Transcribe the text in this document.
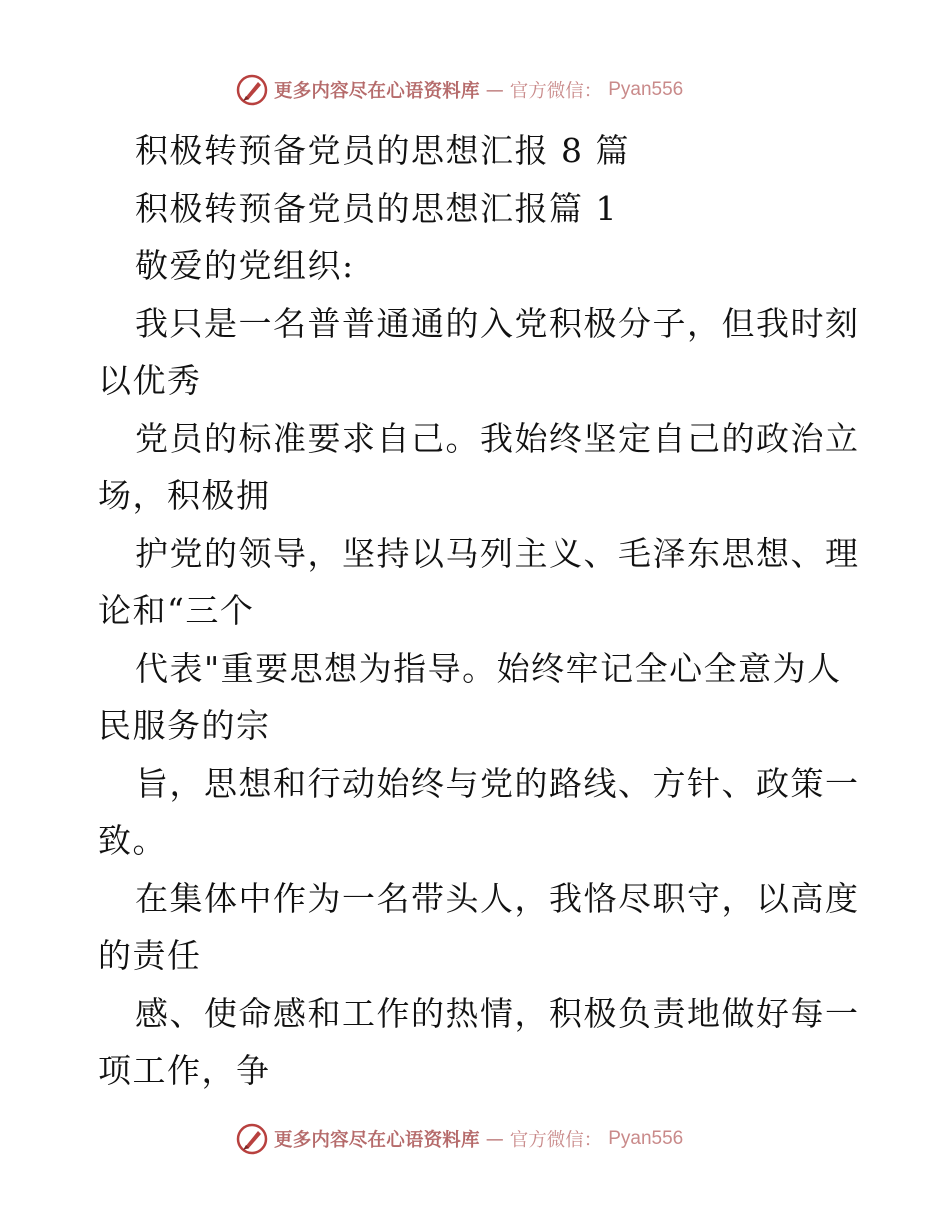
更多内容尽在心语资料库 — 官方微信： Pyan556
积极转预备党员的思想汇报 8 篇
积极转预备党员的思想汇报篇 1
敬爱的党组织:
我只是一名普普通通的入党积极分子，但我时刻
以优秀
党员的标准要求自己。我始终坚定自己的政治立
场，积极拥
护党的领导，坚持以马列主义、毛泽东思想、理
论和“三个
代表"重要思想为指导。始终牢记全心全意为人
民服务的宗
旨，思想和行动始终与党的路线、方针、政策一
致。
在集体中作为一名带头人，我恪尽职守，以高度
的责任
感、使命感和工作的热情，积极负责地做好每一
项工作，争
更多内容尽在心语资料库 — 官方微信： Pyan556
